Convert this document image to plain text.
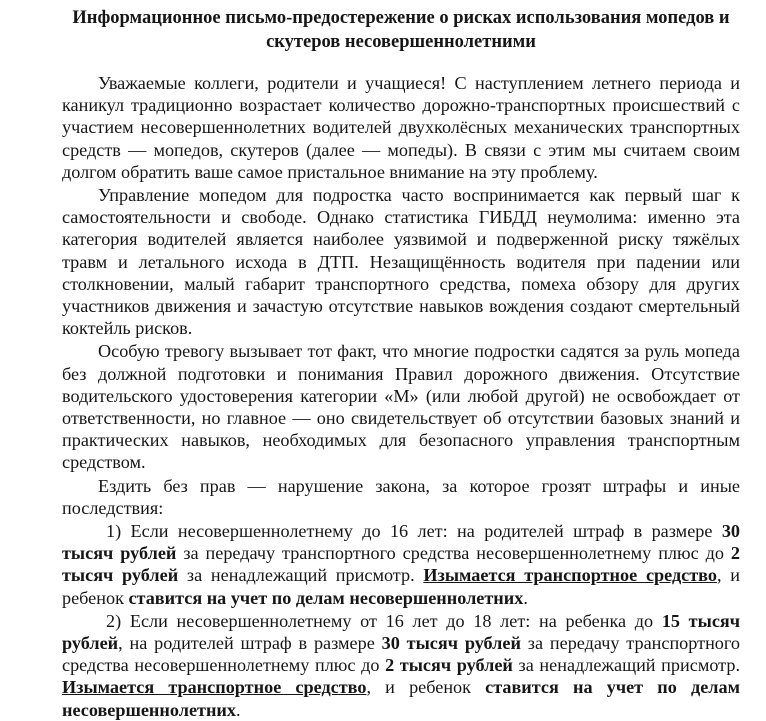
Информационное письмо-предостережение о рисках использования мопедов и
скутеров несовершеннолетними

Уважаемые коллеги, родители и учащиеся! С наступлением летнего периода и каникул традиционно возрастает количество дорожно-транспортных происшествий с участием несовершеннолетних водителей двухколёсных механических транспортных средств — мопедов, скутеров (далее — мопеды). В связи с этим мы считаем своим долгом обратить ваше самое пристальное внимание на эту проблему.

Управление мопедом для подростка часто воспринимается как первый шаг к самостоятельности и свободе. Однако статистика ГИБДД неумолима: именно эта категория водителей является наиболее уязвимой и подверженной риску тяжёлых травм и летального исхода в ДТП. Незащищённость водителя при падении или столкновении, малый габарит транспортного средства, помеха обзору для других участников движения и зачастую отсутствие навыков вождения создают смертельный коктейль рисков.

Особую тревогу вызывает тот факт, что многие подростки садятся за руль мопеда без должной подготовки и понимания Правил дорожного движения. Отсутствие водительского удостоверения категории «М» (или любой другой) не освобождает от ответственности, но главное — оно свидетельствует об отсутствии базовых знаний и практических навыков, необходимых для безопасного управления транспортным средством.

Ездить без прав — нарушение закона, за которое грозят штрафы и иные последствия:

1) Если несовершеннолетнему до 16 лет: на родителей штраф в размере 30 тысяч рублей за передачу транспортного средства несовершеннолетнему плюс до 2 тысяч рублей за ненадлежащий присмотр. Изымается транспортное средство, и ребенок ставится на учет по делам несовершеннолетних.

2) Если несовершеннолетнему от 16 лет до 18 лет: на ребенка до 15 тысяч рублей, на родителей штраф в размере 30 тысяч рублей за передачу транспортного средства несовершеннолетнему плюс до 2 тысяч рублей за ненадлежащий присмотр. Изымается транспортное средство, и ребенок ставится на учет по делам несовершеннолетних.
